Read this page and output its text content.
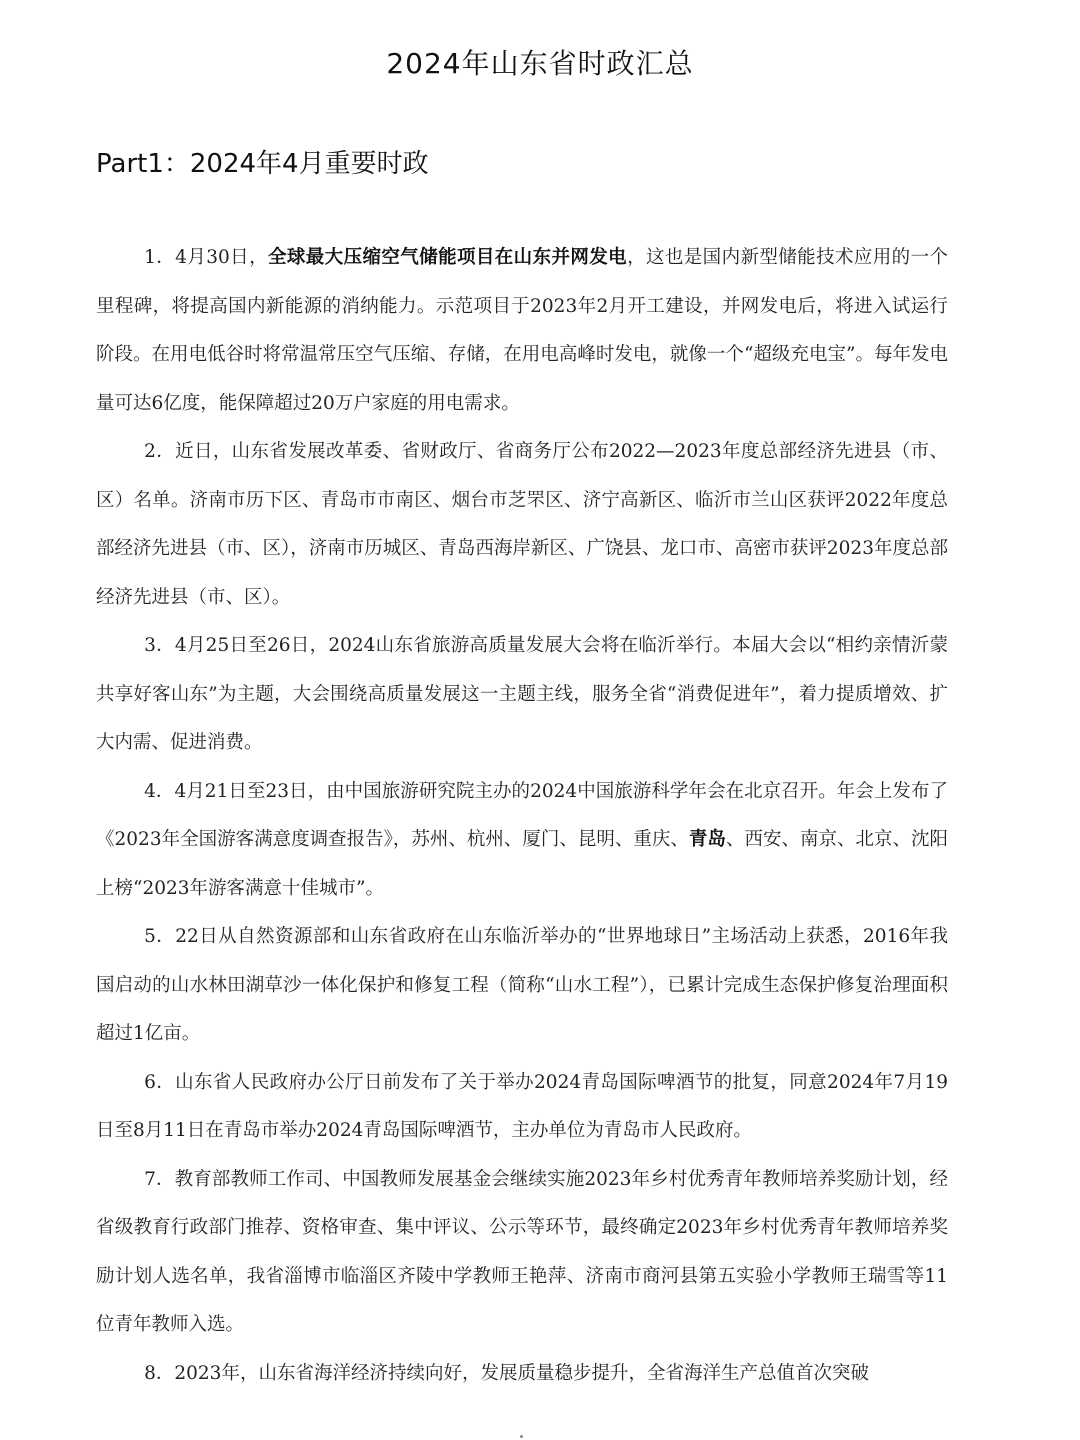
2024年山东省时政汇总
Part1：2024年4月重要时政

1．4月30日，全球最大压缩空气储能项目在山东并网发电，这也是国内新型储能技术应用的一个里程碑，将提高国内新能源的消纳能力。示范项目于2023年2月开工建设，并网发电后，将进入试运行阶段。在用电低谷时将常温常压空气压缩、存储，在用电高峰时发电，就像一个“超级充电宝”。每年发电量可达6亿度，能保障超过20万户家庭的用电需求。

2．近日，山东省发展改革委、省财政厅、省商务厅公布2022—2023年度总部经济先进县（市、区）名单。济南市历下区、青岛市市南区、烟台市芝罘区、济宁高新区、临沂市兰山区获评2022年度总部经济先进县（市、区），济南市历城区、青岛西海岸新区、广饶县、龙口市、高密市获评2023年度总部经济先进县（市、区）。

3．4月25日至26日，2024山东省旅游高质量发展大会将在临沂举行。本届大会以“相约亲情沂蒙 共享好客山东”为主题，大会围绕高质量发展这一主题主线，服务全省“消费促进年”，着力提质增效、扩大内需、促进消费。

4．4月21日至23日，由中国旅游研究院主办的2024中国旅游科学年会在北京召开。年会上发布了《2023年全国游客满意度调查报告》，苏州、杭州、厦门、昆明、重庆、青岛、西安、南京、北京、沈阳上榜“2023年游客满意十佳城市”。

5．22日从自然资源部和山东省政府在山东临沂举办的“世界地球日”主场活动上获悉，2016年我国启动的山水林田湖草沙一体化保护和修复工程（简称“山水工程”），已累计完成生态保护修复治理面积超过1亿亩。

6．山东省人民政府办公厅日前发布了关于举办2024青岛国际啤酒节的批复，同意2024年7月19日至8月11日在青岛市举办2024青岛国际啤酒节，主办单位为青岛市人民政府。

7．教育部教师工作司、中国教师发展基金会继续实施2023年乡村优秀青年教师培养奖励计划，经省级教育行政部门推荐、资格审查、集中评议、公示等环节，最终确定2023年乡村优秀青年教师培养奖励计划人选名单，我省淄博市临淄区齐陵中学教师王艳萍、济南市商河县第五实验小学教师王瑞雪等11位青年教师入选。

8．2023年，山东省海洋经济持续向好，发展质量稳步提升，全省海洋生产总值首次突破
